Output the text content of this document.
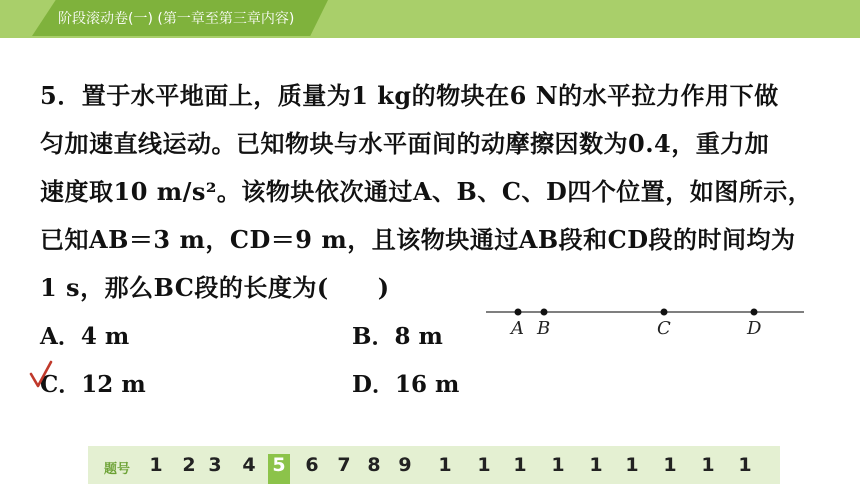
阶段滚动卷(一) (第一章至第三章内容)
5．置于水平地面上，质量为1 kg的物块在6 N的水平拉力作用下做
匀加速直线运动。已知物块与水平面间的动摩擦因数为0.4，重力加
速度取10 m/s²。该物块依次通过A、B、C、D四个位置，如图所示，
已知AB＝3 m，CD＝9 m，且该物块通过AB段和CD段的时间均为
1 s，那么BC段的长度为(　　)
A．4 m	B．8 m
C．12 m	D．16 m
A B	C	D
题号 1 2 3 4 5 6 7 8 9 1 1 1 1 1 1 1 1 1
